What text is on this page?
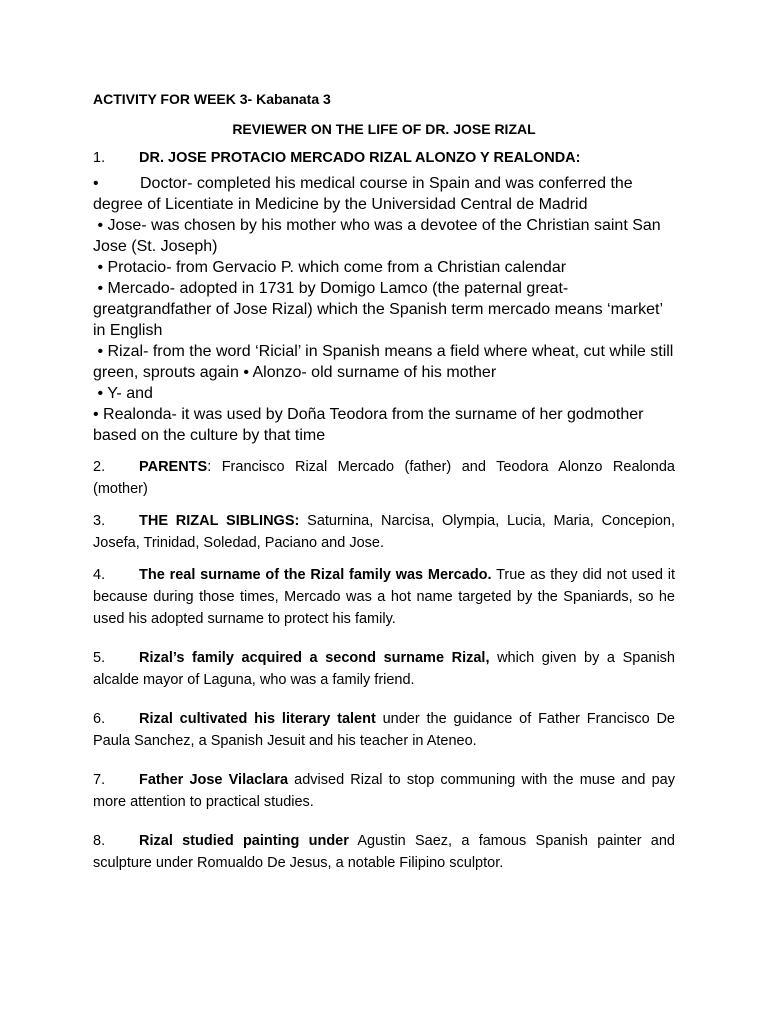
ACTIVITY FOR WEEK 3- Kabanata 3

REVIEWER ON THE LIFE OF DR. JOSE RIZAL

1.	DR. JOSE PROTACIO MERCADO RIZAL ALONZO Y REALONDA:

•	Doctor- completed his medical course in Spain and was conferred the degree of Licentiate in Medicine by the Universidad Central de Madrid

• Jose- was chosen by his mother who was a devotee of the Christian saint San Jose (St. Joseph)

• Protacio- from Gervacio P. which come from a Christian calendar

• Mercado- adopted in 1731 by Domigo Lamco (the paternal great-greatgrandfather of Jose Rizal) which the Spanish term mercado means ‘market’ in English

• Rizal- from the word ‘Ricial’ in Spanish means a field where wheat, cut while still green, sprouts again • Alonzo- old surname of his mother

• Y- and

• Realonda- it was used by Doña Teodora from the surname of her godmother based on the culture by that time

2. PARENTS: Francisco Rizal Mercado (father) and Teodora Alonzo Realonda (mother)

3. THE RIZAL SIBLINGS: Saturnina, Narcisa, Olympia, Lucia, Maria, Concepion, Josefa, Trinidad, Soledad, Paciano and Jose.

4. The real surname of the Rizal family was Mercado. True as they did not used it because during those times, Mercado was a hot name targeted by the Spaniards, so he used his adopted surname to protect his family.

5. Rizal’s family acquired a second surname Rizal, which given by a Spanish alcalde mayor of Laguna, who was a family friend.

6. Rizal cultivated his literary talent under the guidance of Father Francisco De Paula Sanchez, a Spanish Jesuit and his teacher in Ateneo.

7. Father Jose Vilaclara advised Rizal to stop communing with the muse and pay more attention to practical studies.

8. Rizal studied painting under Agustin Saez, a famous Spanish painter and sculpture under Romualdo De Jesus, a notable Filipino sculptor.
